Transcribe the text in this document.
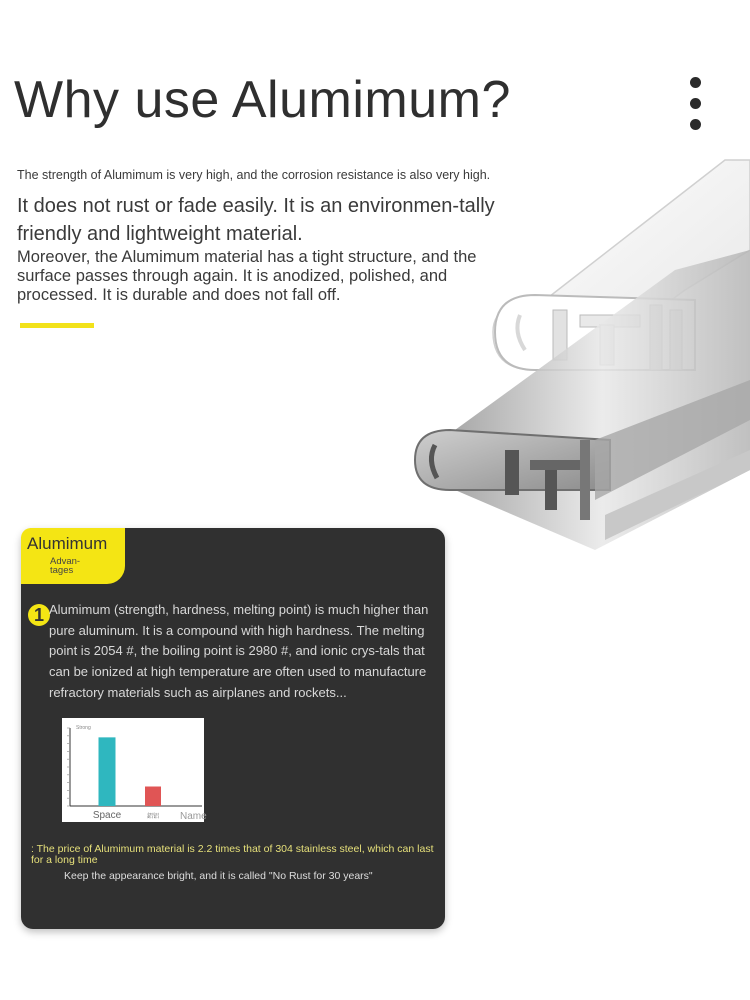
Why use Alumimum?
The strength of Alumimum is very high, and the corrosion resistance is also very high.
It does not rust or fade easily. It is an environmen-tally friendly and lightweight material.
Moreover, the Alumimum material has a tight structure, and the surface passes through again. It is anodized, polished, and processed. It is durable and does not fall off.
Alumimum
Advan-tages
1 Alumimum (strength, hardness, melting point) is much higher than pure aluminum. It is a compound with high hardness. The melting point is 2054 #, the boiling point is 2980 #, and ionic crys-tals that can be ionized at high temperature are often used to manufacture refractory materials such as airplanes and rockets...
Strong
Name
Space	鋁铝
: The price of Alumimum material is 2.2 times that of 304 stainless steel, which can last for a long time
Keep the appearance bright, and it is called "No Rust for 30 years"
